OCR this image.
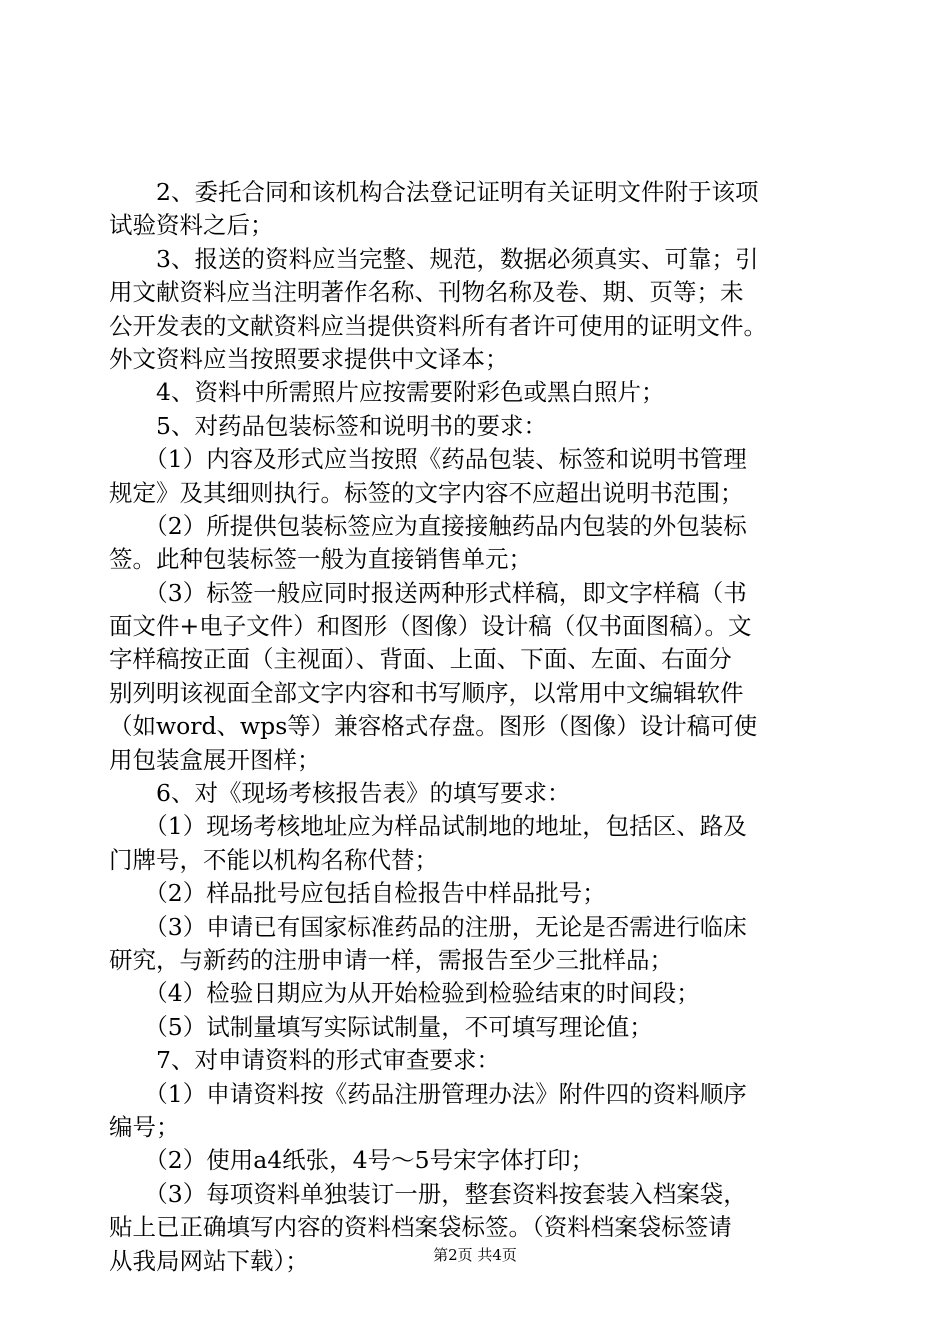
　　2、委托合同和该机构合法登记证明有关证明文件附于该项
试验资料之后；
　　3、报送的资料应当完整、规范，数据必须真实、可靠；引
用文献资料应当注明著作名称、刊物名称及卷、期、页等；未
公开发表的文献资料应当提供资料所有者许可使用的证明文件。
外文资料应当按照要求提供中文译本；
　　4、资料中所需照片应按需要附彩色或黑白照片；
　　5、对药品包装标签和说明书的要求：
　　（1）内容及形式应当按照《药品包装、标签和说明书管理
规定》及其细则执行。标签的文字内容不应超出说明书范围；
　　（2）所提供包装标签应为直接接触药品内包装的外包装标
签。此种包装标签一般为直接销售单元；
　　（3）标签一般应同时报送两种形式样稿，即文字样稿（书
面文件+电子文件）和图形（图像）设计稿（仅书面图稿）。文
字样稿按正面（主视面）、背面、上面、下面、左面、右面分
别列明该视面全部文字内容和书写顺序，以常用中文编辑软件
（如word、wps等）兼容格式存盘。图形（图像）设计稿可使
用包装盒展开图样；
　　6、对《现场考核报告表》的填写要求：
　　（1）现场考核地址应为样品试制地的地址，包括区、路及
门牌号，不能以机构名称代替；
　　（2）样品批号应包括自检报告中样品批号；
　　（3）申请已有国家标准药品的注册，无论是否需进行临床
研究，与新药的注册申请一样，需报告至少三批样品；
　　（4）检验日期应为从开始检验到检验结束的时间段；
　　（5）试制量填写实际试制量，不可填写理论值；
　　7、对申请资料的形式审查要求：
　　（1）申请资料按《药品注册管理办法》附件四的资料顺序
编号；
　　（2）使用a4纸张，4号～5号宋字体打印；
　　（3）每项资料单独装订一册，整套资料按套装入档案袋，
贴上已正确填写内容的资料档案袋标签。（资料档案袋标签请
从我局网站下载）；	第2页 共4页
